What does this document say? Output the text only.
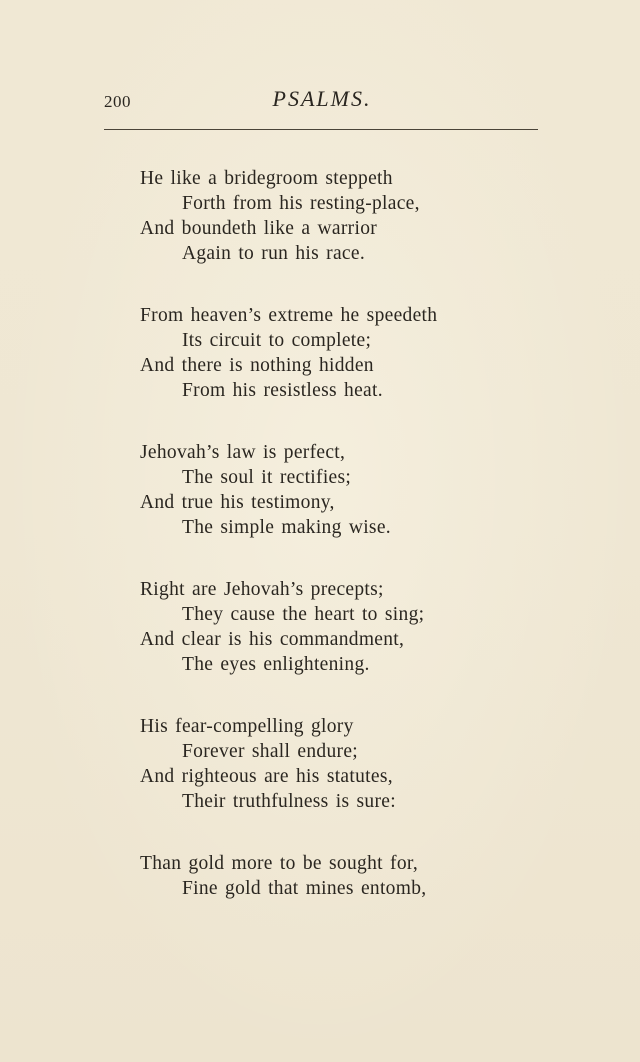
200	PSALMS.
He like a bridegroom steppeth
Forth from his resting-place,
And boundeth like a warrior
Again to run his race.
From heaven’s extreme he speedeth
Its circuit to complete;
And there is nothing hidden
From his resistless heat.
Jehovah’s law is perfect,
The soul it rectifies;
And true his testimony,
The simple making wise.
Right are Jehovah’s precepts;
They cause the heart to sing;
And clear is his commandment,
The eyes enlightening.
His fear-compelling glory
Forever shall endure;
And righteous are his statutes,
Their truthfulness is sure:
Than gold more to be sought for,
Fine gold that mines entomb,
